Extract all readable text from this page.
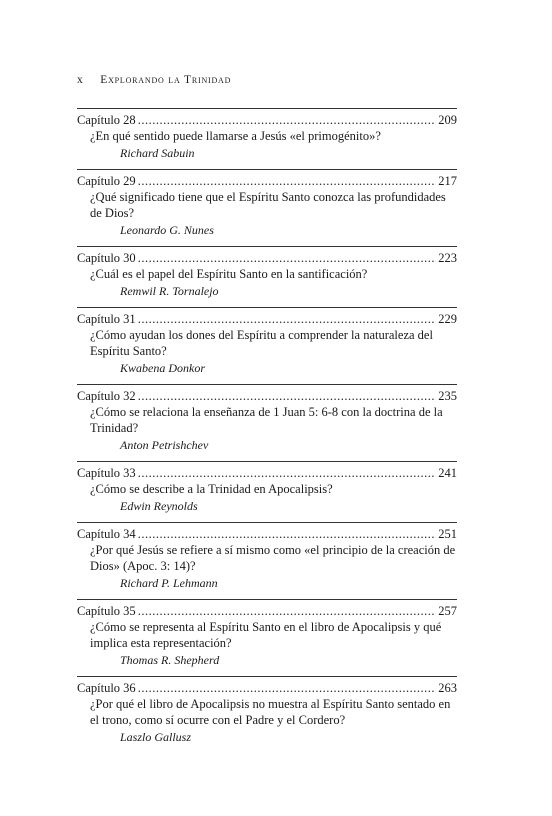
x Explorando la Trinidad
Capítulo 28 .....	209
¿En qué sentido puede llamarse a Jesús «el primogénito»?
Richard Sabuin
Capítulo 29 .....	217
¿Qué significado tiene que el Espíritu Santo conozca las profundidades de Dios?
Leonardo G. Nunes
Capítulo 30 .....	223
¿Cuál es el papel del Espíritu Santo en la santificación?
Remwil R. Tornalejo
Capítulo 31 .....	229
¿Cómo ayudan los dones del Espíritu a comprender la naturaleza del Espíritu Santo?
Kwabena Donkor
Capítulo 32 .....	235
¿Cómo se relaciona la enseñanza de 1 Juan 5: 6-8 con la doctrina de la Trinidad?
Anton Petrishchev
Capítulo 33 .....	241
¿Cómo se describe a la Trinidad en Apocalipsis?
Edwin Reynolds
Capítulo 34 .....	251
¿Por qué Jesús se refiere a sí mismo como «el principio de la creación de Dios» (Apoc. 3: 14)?
Richard P. Lehmann
Capítulo 35 .....	257
¿Cómo se representa al Espíritu Santo en el libro de Apocalipsis y qué implica esta representación?
Thomas R. Shepherd
Capítulo 36 .....	263
¿Por qué el libro de Apocalipsis no muestra al Espíritu Santo sentado en el trono, como sí ocurre con el Padre y el Cordero?
Laszlo Gallusz
